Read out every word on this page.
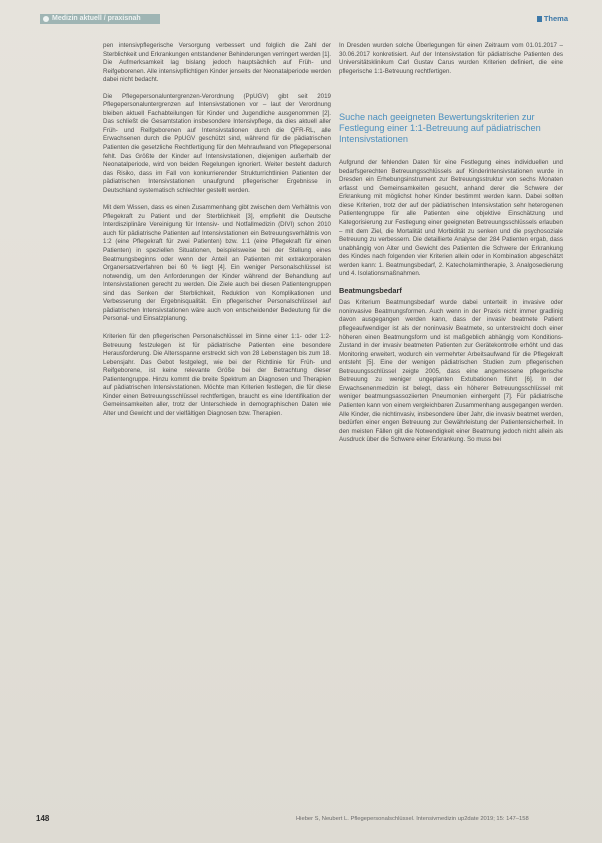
Medizin aktuell / praxisnah	Thema

pen intensivpflegerische Versorgung verbessert und folglich die Zahl der Sterblichkeit und Erkrankungen entstandener Behinderungen verringert werden [1]. Die Aufmerksamkeit lag bislang jedoch hauptsächlich auf Früh- und Reifgeborenen. Alle intensivpflichtigen Kinder jenseits der Neonatalperiode werden dabei nicht bedacht.

Die Pflegepersonaluntergrenzen-Verordnung (PpUGV) gibt seit 2019 Pflegepersonaluntergrenzen auf Intensivstationen vor – laut der Verordnung bleiben aktuell Fachabteilungen für Kinder und Jugendliche ausgenommen [2]. Das schließt die Gesamtstation insbesondere Intensivpflege, da dies aktuell aller Früh- und Reifgeborenen auf Intensivstationen durch die QFR-RL, alle Erwachsenen durch die PpUGV geschützt sind, während für die pädiatrischen Patienten die gesetzliche Rechtfertigung für den Mehraufwand von Pflegepersonal fehlt. Das Größte der Kinder auf Intensivstationen, diejenigen außerhalb der Neonatalperiode, wird von beiden Regelungen ignoriert. Weiter besteht dadurch das Risiko, dass im Fall von konkurrierender Strukturrichtlinien Patienten der pädiatrischen Intensivstationen unaufgrund pflegerischer Ergebnisse in Deutschland systematisch schlechter gestellt werden.

Mit dem Wissen, dass es einen Zusammenhang gibt zwischen dem Verhältnis von Pflegekraft zu Patient und der Sterblichkeit [3], empfiehlt die Deutsche Interdisziplinäre Vereinigung für Intensiv- und Notfallmedizin (DIVI) schon 2010 auch für pädiatrische Patienten auf Intensivstationen ein Betreuungsverhältnis von 1:2 (eine Pflegekraft für zwei Patienten) bzw. 1:1 (eine Pflegekraft für einen Patienten) in speziellen Situationen, beispielsweise bei der Stellung eines Beatmungsbeginns oder wenn der Anteil an Patienten mit extrakorporalen Organersatzverfahren bei 60 % liegt [4]. Ein weniger Personalschlüssel ist notwendig, um den Anforderungen der Kinder während der Behandlung auf Intensivstationen gerecht zu werden. Die Ziele auch bei diesen Patientengruppen sind das Senken der Sterblichkeit, Reduktion von Komplikationen und Verbesserung der Ergebnisqualität. Ein pflegerischer Personalschlüssel auf pädiatrischen Intensivstationen wäre auch von entscheidender Bedeutung für die Personal- und Einsatzplanung.

Kriterien für den pflegerischen Personalschlüssel im Sinne einer 1:1- oder 1:2-Betreuung festzulegen ist für pädiatrische Patienten eine besondere Herausforderung. Die Altersspanne erstreckt sich von 28 Lebenstagen bis zum 18. Lebensjahr. Das Gebot festgelegt, wie bei der Richtlinie für Früh- und Reifgeborene, ist keine relevante Größe bei der Betrachtung dieser Patientengruppe. Hinzu kommt die breite Spektrum an Diagnosen und Therapien auf pädiatrischen Intensivstationen. Möchte man Kriterien festlegen, die für diese Kinder einen Betreuungsschlüssel rechtfertigen, braucht es eine Identifikation der Gemeinsamkeiten aller, trotz der Unterschiede in demographischen Daten wie Alter und Gewicht und der vielfältigen Diagnosen bzw. Therapien.

In Dresden wurden solche Überlegungen für einen Zeitraum vom 01.01.2017 – 30.06.2017 konkretisiert. Auf der Intensivstation für pädiatrische Patienten des Universitätsklinikum Carl Gustav Carus wurden Kriterien definiert, die eine pflegerische 1:1-Betreuung rechtfertigen.

Suche nach geeigneten Bewertungskriterien zur Festlegung einer 1:1-Betreuung auf pädiatrischen Intensivstationen

Aufgrund der fehlenden Daten für eine Festlegung eines individuellen und bedarfsgerechten Betreuungsschlüssels auf Kinderintensivstationen wurde in Dresden ein Erhebungsinstrument zur Betreuungsstruktur von sechs Monaten erfasst und Gemeinsamkeiten gesucht, anhand derer die Schwere der Erkrankung mit möglichst hoher Kinder bestimmt werden kann. Dabei sollten diese Kriterien, trotz der auf der pädiatrischen Intensivstation sehr heterogenen Patientengruppe für alle Patienten eine objektive Einschätzung und Kategorisierung zur Festlegung einer geeigneten Betreuungsschlüssels erlauben – mit dem Ziel, die Mortalität und Morbidität zu senken und die psychosoziale Betreuung zu verbessern. Die detaillierte Analyse der 284 Patienten ergab, dass unabhängig von Alter und Gewicht des Patienten die Schwere der Erkrankung des Kindes nach folgenden vier Kriterien allein oder in Kombination abgeschätzt werden kann: 1. Beatmungsbedarf, 2. Katecholamintherapie, 3. Analgosedierung und 4. Isolationsmaßnahmen.

Beatmungsbedarf

Das Kriterium Beatmungsbedarf wurde dabei unterteilt in invasive oder noninvasive Beatmungsformen. Auch wenn in der Praxis nicht immer gradlinig davon ausgegangen werden kann, dass der invasiv beatmete Patient pflegeaufwendiger ist als der noninvasiv Beatmete, so unterstreicht doch einer höheren einen Beatmungsform und ist maßgeblich abhängig vom Konditions-Zustand in der invasiv beatmeten Patienten zur Gerätekontrolle erhöht und das Monitoring erweitert, wodurch ein vermehrter Arbeitsaufwand für die Pflegekraft entsteht [5]. Eine der wenigen pädiatrischen Studien zum pflegerischen Betreuungsschlüssel zeigte 2005, dass eine angemessene pflegerische Betreuung zu weniger ungeplanten Extubationen führt [6]. In der Erwachsenenmedizin ist belegt, dass ein höherer Betreuungsschlüssel mit weniger beatmungsassoziierten Pneumonien einhergeht [7]. Für pädiatrische Patienten kann von einem vergleichbaren Zusammenhang ausgegangen werden. Alle Kinder, die nichtinvasiv, insbesondere über Jahr, die invasiv beatmet werden, bedürfen einer engen Betreuung zur Gewährleistung der Patientensicherheit. In den meisten Fällen gilt die Notwendigkeit einer Beatmung jedoch nicht allein als Ausdruck über die Schwere einer Erkrankung. So muss bei

148	Hieber S, Neubert L. Pflegepersonalschlüssel. Intensivmedizin up2date 2019; 15: 147–158
